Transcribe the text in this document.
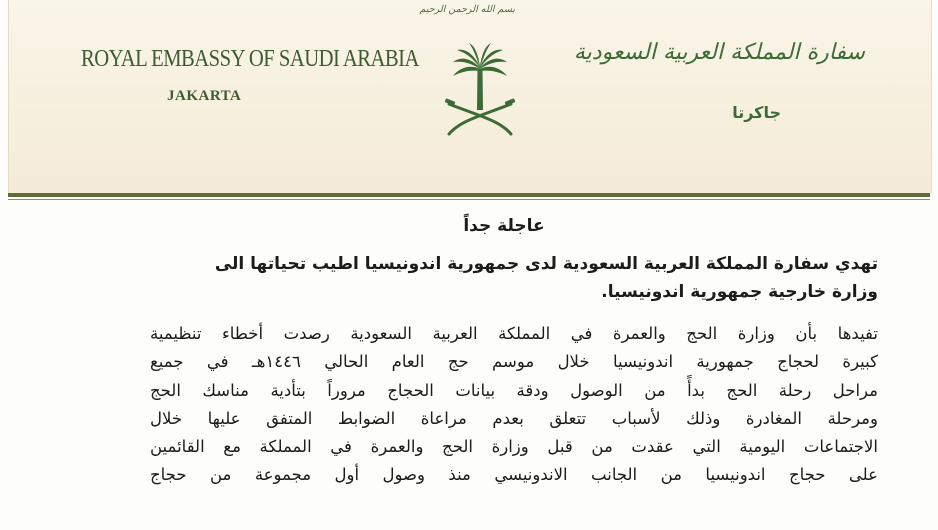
ROYAL EMBASSY OF SAUDI ARABIA
JAKARTA
بسم الله الرحمن الرحيم
سفارة المملكة العربية السعودية
جاكرتا
عاجلة جداً
تهدي سفارة المملكة العربية السعودية لدى جمهورية اندونيسيا اطيب تحياتها الى
وزارة خارجية جمهورية اندونيسيا.
تفيدها بأن وزارة الحج والعمرة في المملكة العربية السعودية رصدت أخطاء تنظيمية
كبيرة لحجاج جمهورية اندونيسيا خلال موسم حج العام الحالي ١٤٤٦هـ في جميع
مراحل رحلة الحج بدأً من الوصول ودقة بيانات الحجاج مروراً بتأدية مناسك الحج
ومرحلة المغادرة وذلك لأسباب تتعلق بعدم مراعاة الضوابط المتفق عليها خلال
الاجتماعات اليومية التي عقدت من قبل وزارة الحج والعمرة في المملكة مع القائمين
على حجاج اندونيسيا من الجانب الاندونيسي منذ وصول أول مجموعة من حجاج
